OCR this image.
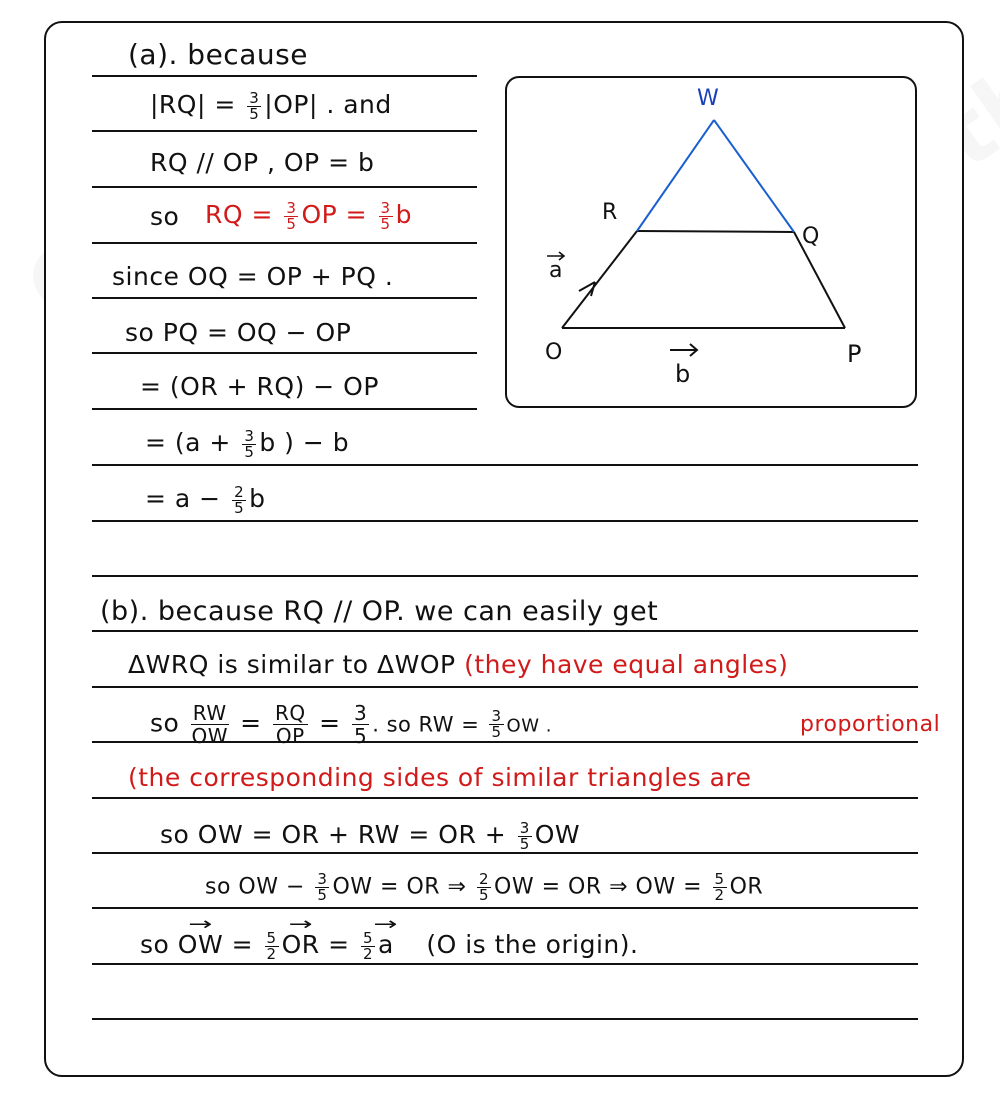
(a). because
$|RQ| = \frac{3}{5} |OP|$ . and
RQ // OP , OP = b
so RQ = $\frac{3}{5}$ OP = $\frac{3}{5}$ b
since OQ = OP + PQ .
so PQ = OQ − OP
= (OR + RQ) − OP
= ($a + \frac{3}{5}$ b ) − b
= $a - \frac{2}{5}$ b
W
R
Q
O	P
a
b
(b). because RQ // OP. we can easily get
ΔWRQ is similar to ΔWOP (they have equal angles)
so $\frac{RW}{OW} = \frac{RQ}{OP} = \frac{3}{5}$ . so RW = $\frac{3}{5}$ OW .	proportional
(the corresponding sides of similar triangles are
so OW = OR + RW = OR + $\frac{3}{5}$ OW
so OW − $\frac{3}{5}$ OW = OR ⇒ $\frac{2}{5}$ OW = OR ⇒ OW = $\frac{5}{2}$ OR
so → OW = $\frac{5}{2}$ → OR = $\frac{5}{2} \to a$ (O is the origin).
